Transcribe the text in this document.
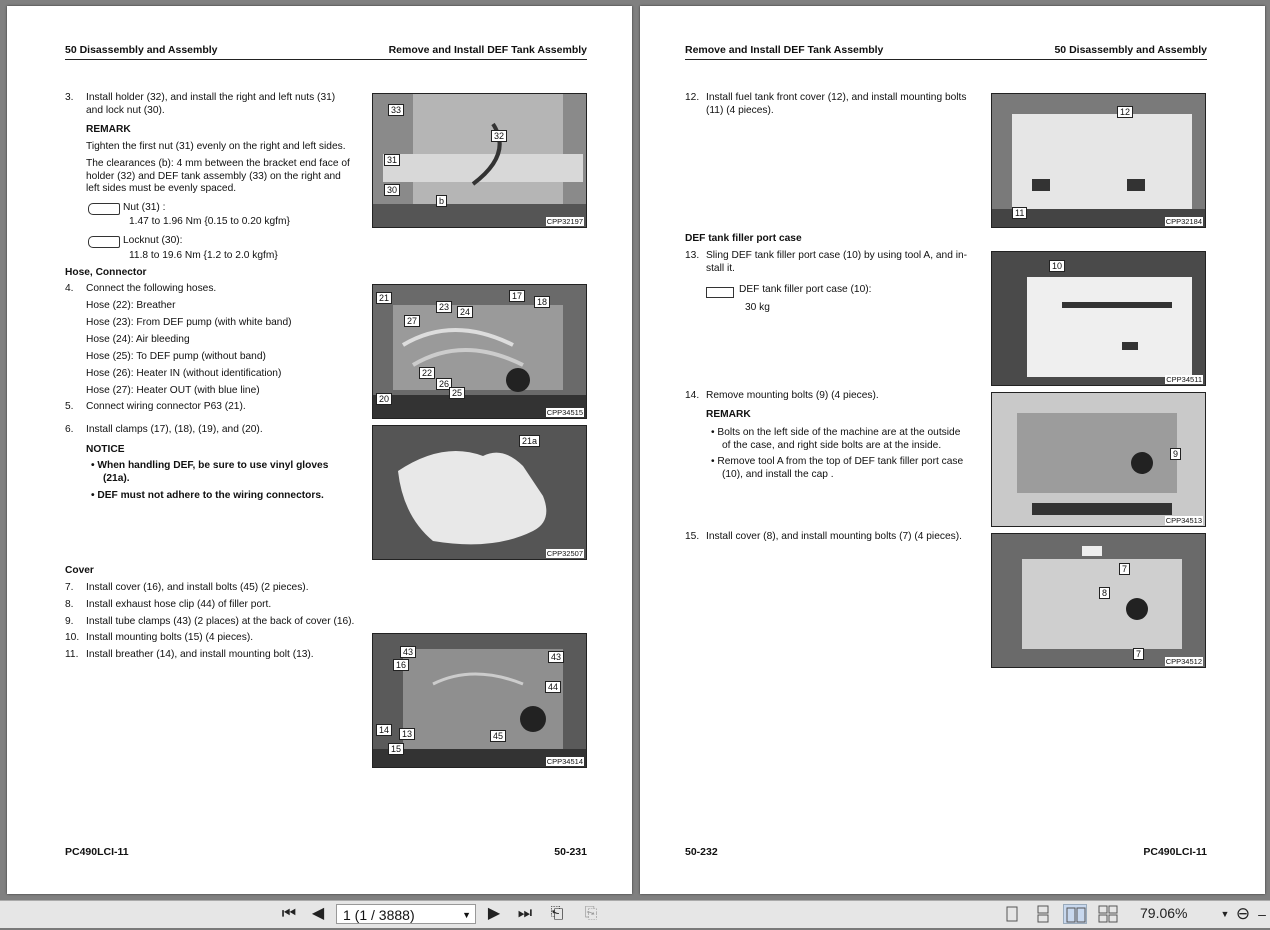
50 Disassembly and Assembly	Remove and Install DEF Tank Assembly
3. Install holder (32), and install the right and left nuts (31)
and lock nut (30).
REMARK
Tighten the first nut (31) evenly on the right and left sides.
The clearances (b): 4 mm between the bracket end face of
holder (32) and DEF tank assembly (33) on the right and
left sides must be evenly spaced.
Nut (31) :
1.47 to 1.96 Nm {0.15 to 0.20 kgfm}
Locknut (30):
11.8 to 19.6 Nm {1.2 to 2.0 kgfm}
Hose, Connector
4. Connect the following hoses.
Hose (22): Breather
Hose (23): From DEF pump (with white band)
Hose (24): Air bleeding
Hose (25): To DEF pump (without band)
Hose (26): Heater IN (without identification)
Hose (27): Heater OUT (with blue line)
5. Connect wiring connector P63 (21).
6. Install clamps (17), (18), (19), and (20).
NOTICE
• When handling DEF, be sure to use vinyl gloves
(21a).
• DEF must not adhere to the wiring connectors.
Cover
7. Install cover (16), and install bolts (45) (2 pieces).
8. Install exhaust hose clip (44) of filler port.
9. Install tube clamps (43) (2 places) at the back of cover (16).
10. Install mounting bolts (15) (4 pieces).
11. Install breather (14), and install mounting bolt (13).
33
32
31
30
b
CPP32197
21
23	24
17
18
27
22
26
25
20
CPP34515
21a
CPP32507
43
16
43
44
14	13	45
15
CPP34514
PC490LCI-11	50-231
Remove and Install DEF Tank Assembly	50 Disassembly and Assembly
12. Install fuel tank front cover (12), and install mounting bolts
(11) (4 pieces).
DEF tank filler port case
13. Sling DEF tank filler port case (10) by using tool A, and in-
stall it.
DEF tank filler port case (10):
30 kg
14. Remove mounting bolts (9) (4 pieces).
REMARK
• Bolts on the left side of the machine are at the outside
of the case, and right side bolts are at the inside.
• Remove tool A from the top of DEF tank filler port case
(10), and install the cap .
15. Install cover (8), and install mounting bolts (7) (4 pieces).
12
11
CPP32184
10
CPP34511
9
CPP34513
7
8
7
CPP34512
50-232	PC490LCI-11
⏮ ◀	1 (1 / 3888)	▼	▶	⏭ ⎗ ⎘	79.06%	▼ ⊖ –
